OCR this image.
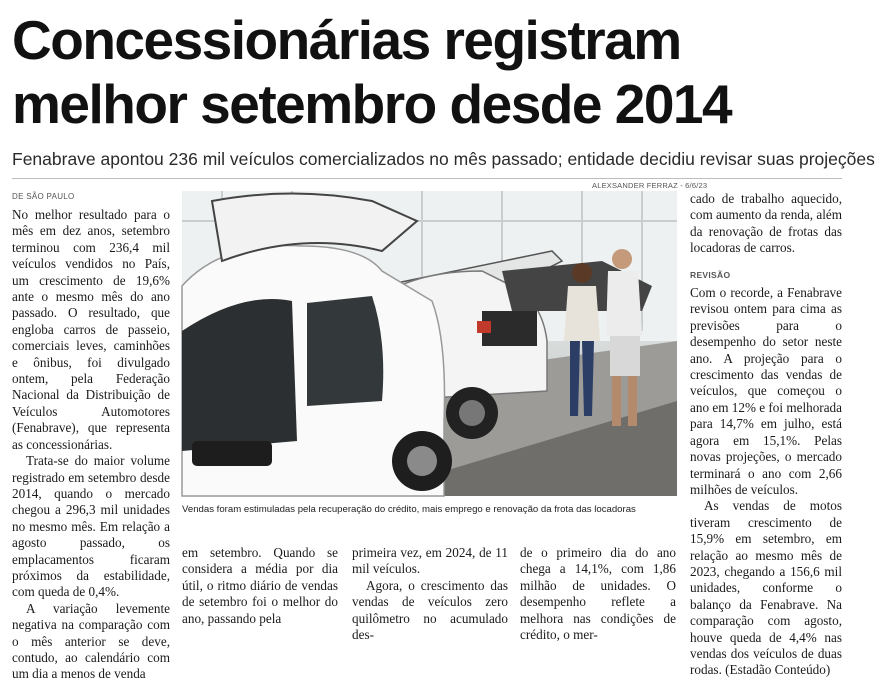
Concessionárias registram
melhor setembro desde 2014
Fenabrave apontou 236 mil veículos comercializados no mês passado; entidade decidiu revisar suas projeções
DE SÃO PAULO

No melhor resultado para o mês em dez anos, setembro terminou com 236,4 mil veículos vendidos no País, um crescimento de 19,6% ante o mesmo mês do ano passado. O resultado, que engloba carros de passeio, comerciais leves, caminhões e ônibus, foi divulgado ontem, pela Federação Nacional da Distribuição de Veículos Automotores (Fenabrave), que representa as concessionárias.

Trata-se do maior volume registrado em setembro desde 2014, quando o mercado chegou a 296,3 mil unidades no mesmo mês. Em relação a agosto passado, os emplacamentos ficaram próximos da estabilidade, com queda de 0,4%.

A variação levemente negativa na comparação com o mês anterior se deve, contudo, ao calendário com um dia a menos de venda

ALEXSANDER FERRAZ - 6/6/23
Vendas foram estimuladas pela recuperação do crédito, mais emprego e renovação da frota das locadoras

em setembro. Quando se considera a média por dia útil, o ritmo diário de vendas de setembro foi o melhor do ano, passando pela

primeira vez, em 2024, de 11 mil veículos.

Agora, o crescimento das vendas de veículos zero quilômetro no acumulado des-

de o primeiro dia do ano chega a 14,1%, com 1,86 milhão de unidades. O desempenho reflete a melhora nas condições de crédito, o mer-

cado de trabalho aquecido, com aumento da renda, além da renovação de frotas das locadoras de carros.

REVISÃO

Com o recorde, a Fenabrave revisou ontem para cima as previsões para o desempenho do setor neste ano. A projeção para o crescimento das vendas de veículos, que começou o ano em 12% e foi melhorada para 14,7% em julho, está agora em 15,1%. Pelas novas projeções, o mercado terminará o ano com 2,66 milhões de veículos.

As vendas de motos tiveram crescimento de 15,9% em setembro, em relação ao mesmo mês de 2023, chegando a 156,6 mil unidades, conforme o balanço da Fenabrave. Na comparação com agosto, houve queda de 4,4% nas vendas dos veículos de duas rodas. (Estadão Conteúdo)
